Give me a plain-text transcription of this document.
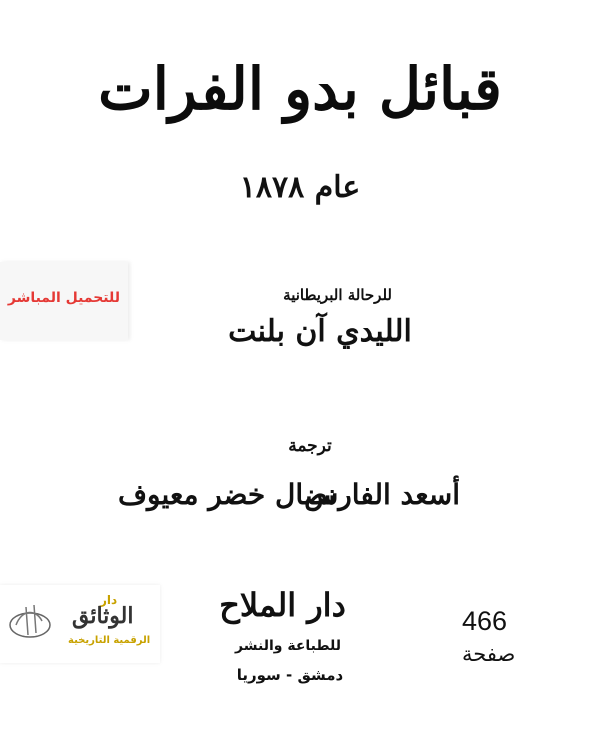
قبائل بدو الفرات
عام ١٨٧٨
للتحميل المباشر	للرحالة البريطانية
الليدي آن بلنت
ترجمة
أسعد الفارس
نضال خضر معيوف
دار
الوثائق
الرقمية التاريخية
دار الملاح
للطباعة والنشر
دمشق - سوريا
466
صفحة
